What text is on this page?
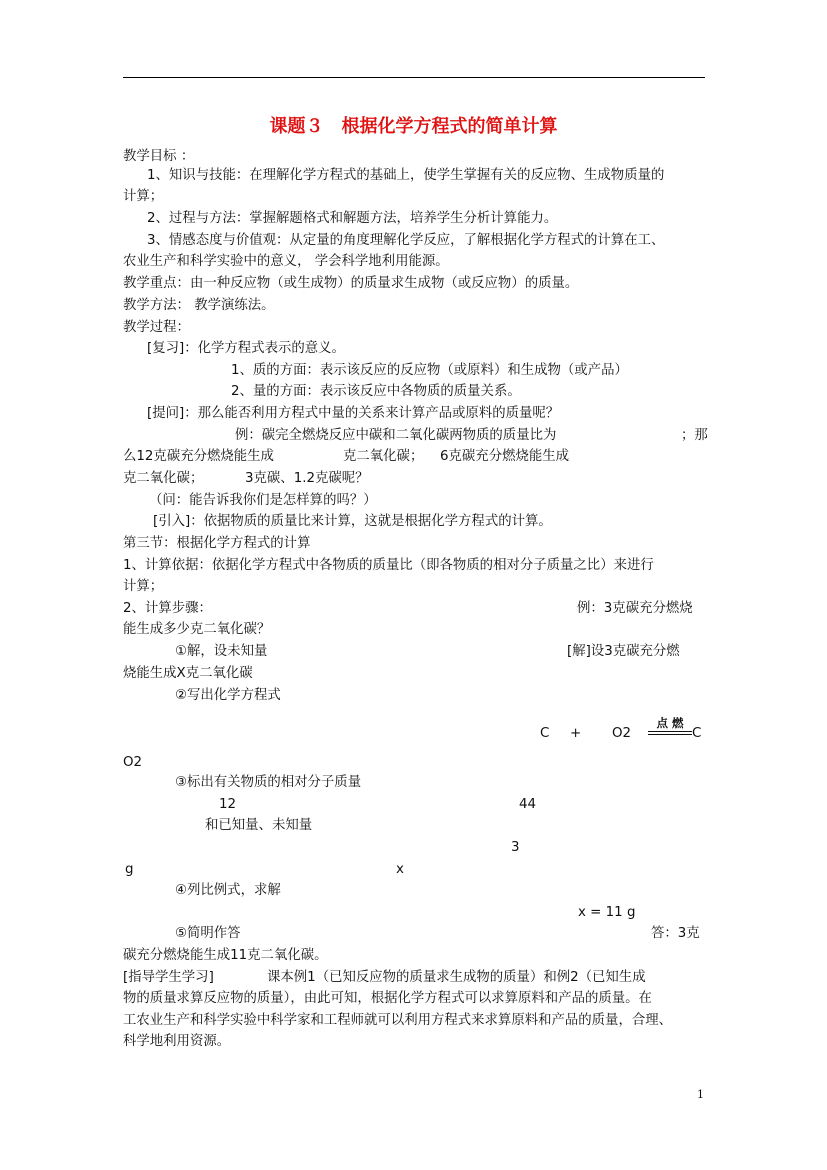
课题３　根据化学方程式的简单计算
教学目标 ：
1、知识与技能：在理解化学方程式的基础上，使学生掌握有关的反应物、生成物质量的
计算；
2、过程与方法：掌握解题格式和解题方法，培养学生分析计算能力。
3、情感态度与价值观：从定量的角度理解化学反应，了解根据化学方程式的计算在工、
农业生产和科学实验中的意义， 学会科学地利用能源。
教学重点：由一种反应物（或生成物）的质量求生成物（或反应物）的质量。
教学方法： 教学演练法。
教学过程：
[复习]：化学方程式表示的意义。
1、质的方面：表示该反应的反应物（或原料）和生成物（或产品）
2、量的方面：表示该反应中各物质的质量关系。
[提问]：那么能否利用方程式中量的关系来计算产品或原料的质量呢？
例：碳完全燃烧反应中碳和二氧化碳两物质的质量比为	；那
么12克碳充分燃烧能生成	克二氧化碳； 6克碳充分燃烧能生成
克二氧化碳；	3克碳、1.2克碳呢？
（问：能告诉我你们是怎样算的吗？）
[引入]：依据物质的质量比来计算，这就是根据化学方程式的计算。
第三节：根据化学方程式的计算
1、计算依据：依据化学方程式中各物质的质量比（即各物质的相对分子质量之比）来进行
计算；
2、计算步骤：	例：3克碳充分燃烧
能生成多少克二氧化碳？
①解，设未知量	[解]设3克碳充分燃
烧能生成X克二氧化碳
②写出化学方程式
C + O2
点 燃
C
O2
③标出有关物质的相对分子质量
12	44
和已知量、未知量
3
g	x
④列比例式，求解
x = 11 g
⑤简明作答	答：3克
碳充分燃烧能生成11克二氧化碳。
[指导学生学习]	课本例1（已知反应物的质量求生成物的质量）和例2（已知生成
物的质量求算反应物的质量），由此可知，根据化学方程式可以求算原料和产品的质量。在
工农业生产和科学实验中科学家和工程师就可以利用方程式来求算原料和产品的质量，合理、
科学地利用资源。
1
